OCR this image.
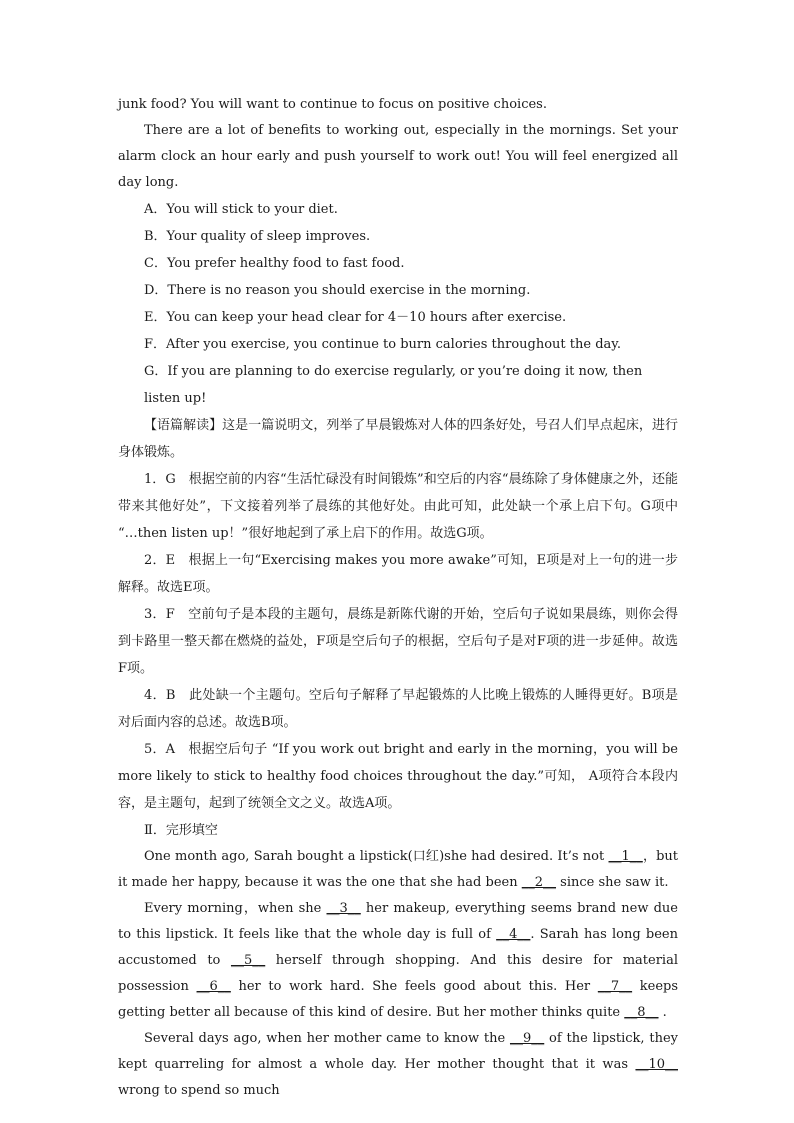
junk food? You will want to continue to focus on positive choices.

There are a lot of benefits to working out, especially in the mornings. Set your alarm clock an hour early and push yourself to work out! You will feel energized all day long.

A．You will stick to your diet.

B．Your quality of sleep improves.

C．You prefer healthy food to fast food.

D．There is no reason you should exercise in the morning.

E．You can keep your head clear for 4－10 hours after exercise.

F．After you exercise, you continue to burn calories throughout the day.

G．If you are planning to do exercise regularly, or you’re doing it now, then listen up!

【语篇解读】这是一篇说明文，列举了早晨锻炼对人体的四条好处，号召人们早点起床，进行身体锻炼。

1．G　根据空前的内容“生活忙碌没有时间锻炼”和空后的内容“晨练除了身体健康之外，还能带来其他好处”，下文接着列举了晨练的其他好处。由此可知，此处缺一个承上启下句。G项中 “…then listen up！”很好地起到了承上启下的作用。故选G项。

2．E　根据上一句“Exercising makes you more awake”可知，E项是对上一句的进一步解释。故选E项。

3．F　空前句子是本段的主题句，晨练是新陈代谢的开始，空后句子说如果晨练，则你会得到卡路里一整天都在燃烧的益处，F项是空后句子的根据，空后句子是对F项的进一步延伸。故选F项。

4．B　此处缺一个主题句。空后句子解释了早起锻炼的人比晚上锻炼的人睡得更好。B项是对后面内容的总述。故选B项。

5．A　根据空后句子 “If you work out bright and early in the morning，you will be more likely to stick to healthy food choices throughout the day.”可知， A项符合本段内容，是主题句，起到了统领全文之义。故选A项。

Ⅱ．完形填空

One month ago, Sarah bought a lipstick(口红)she had desired. It’s not __1__，but it made her happy, because it was the one that she had been __2__ since she saw it.

Every morning，when she __3__ her makeup, everything seems brand new due to this lipstick. It feels like that the whole day is full of __4__. Sarah has long been accustomed to __5__ herself through shopping. And this desire for material possession __6__ her to work hard. She feels good about this. Her __7__ keeps getting better all because of this kind of desire. But her mother thinks quite __8__ .

Several days ago, when her mother came to know the __9__ of the lipstick, they kept quarreling for almost a whole day. Her mother thought that it was __10__ wrong to spend so much
